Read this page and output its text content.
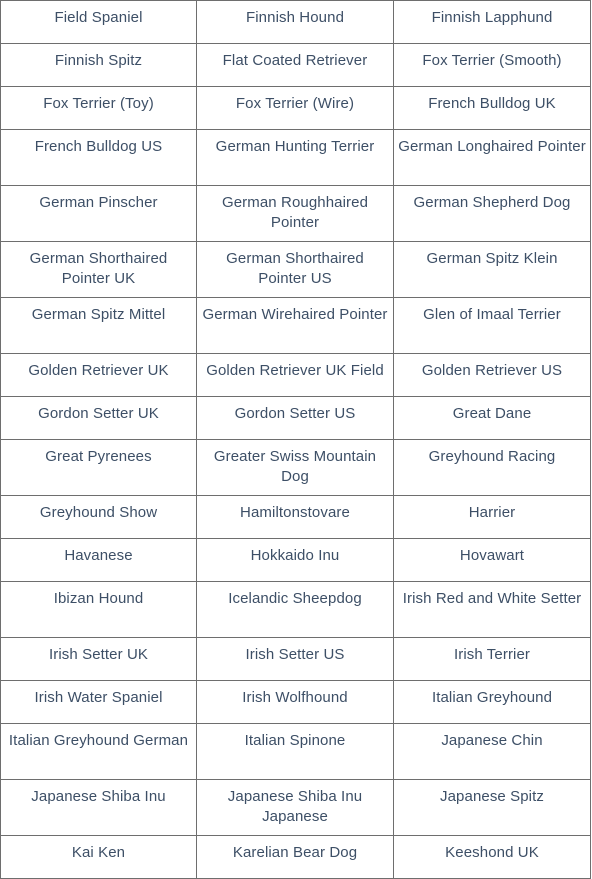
Field Spaniel	Finnish Hound	Finnish Lapphund
Finnish Spitz	Flat Coated Retriever	Fox Terrier (Smooth)
Fox Terrier (Toy)	Fox Terrier (Wire)	French Bulldog UK
French Bulldog US	German Hunting Terrier	German Longhaired Pointer
German Pinscher	German Roughhaired Pointer	German Shepherd Dog
German Shorthaired Pointer UK	German Shorthaired Pointer US	German Spitz Klein
German Spitz Mittel	German Wirehaired Pointer	Glen of Imaal Terrier
Golden Retriever UK	Golden Retriever UK Field	Golden Retriever US
Gordon Setter UK	Gordon Setter US	Great Dane
Great Pyrenees	Greater Swiss Mountain Dog	Greyhound Racing
Greyhound Show	Hamiltonstovare	Harrier
Havanese	Hokkaido Inu	Hovawart
Ibizan Hound	Icelandic Sheepdog	Irish Red and White Setter
Irish Setter UK	Irish Setter US	Irish Terrier
Irish Water Spaniel	Irish Wolfhound	Italian Greyhound
Italian Greyhound German	Italian Spinone	Japanese Chin
Japanese Shiba Inu	Japanese Shiba Inu Japanese	Japanese Spitz
Kai Ken	Karelian Bear Dog	Keeshond UK
